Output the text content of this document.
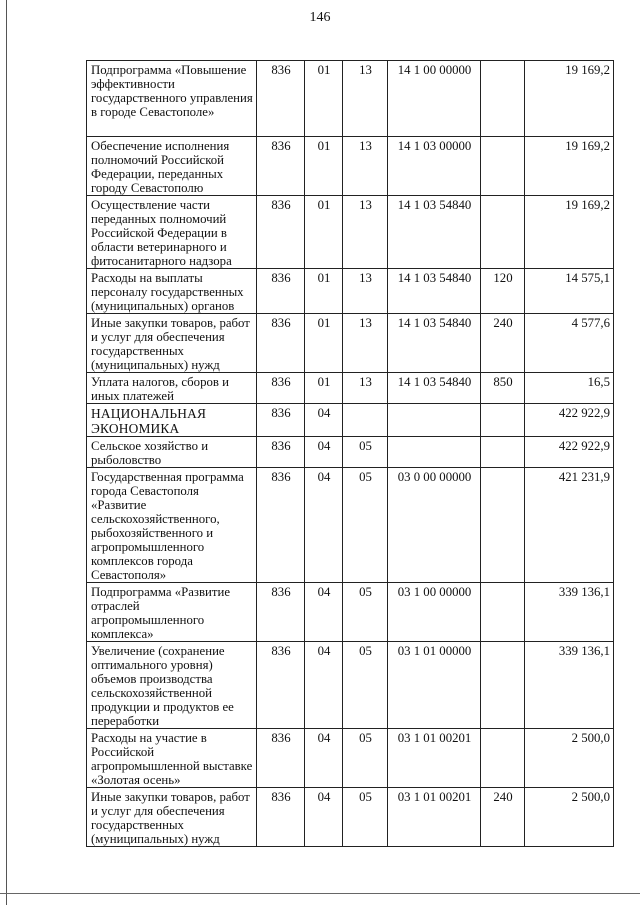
146
Подпрограмма «Повышение эффективности государственного управления в городе Севастополе»	836	01	13	14 1 00 00000		19 169,2
Обеспечение исполнения полномочий Российской Федерации, переданных городу Севастополю	836	01	13	14 1 03 00000		19 169,2
Осуществление части переданных полномочий Российской Федерации в области ветеринарного и фитосанитарного надзора	836	01	13	14 1 03 54840		19 169,2
Расходы на выплаты персоналу государственных (муниципальных) органов	836	01	13	14 1 03 54840	120	14 575,1
Иные закупки товаров, работ и услуг для обеспечения государственных (муниципальных) нужд	836	01	13	14 1 03 54840	240	4 577,6
Уплата налогов, сборов и иных платежей	836	01	13	14 1 03 54840	850	16,5
НАЦИОНАЛЬНАЯ ЭКОНОМИКА	836	04				422 922,9
Сельское хозяйство и рыболовство	836	04	05			422 922,9
Государственная программа города Севастополя «Развитие сельскохозяйственного, рыбохозяйственного и агропромышленного комплексов города Севастополя»	836	04	05	03 0 00 00000		421 231,9
Подпрограмма «Развитие отраслей агропромышленного комплекса»	836	04	05	03 1 00 00000		339 136,1
Увеличение (сохранение оптимального уровня) объемов производства сельскохозяйственной продукции и продуктов ее переработки	836	04	05	03 1 01 00000		339 136,1
Расходы на участие в Российской агропромышленной выставке «Золотая осень»	836	04	05	03 1 01 00201		2 500,0
Иные закупки товаров, работ и услуг для обеспечения государственных (муниципальных) нужд	836	04	05	03 1 01 00201	240	2 500,0
